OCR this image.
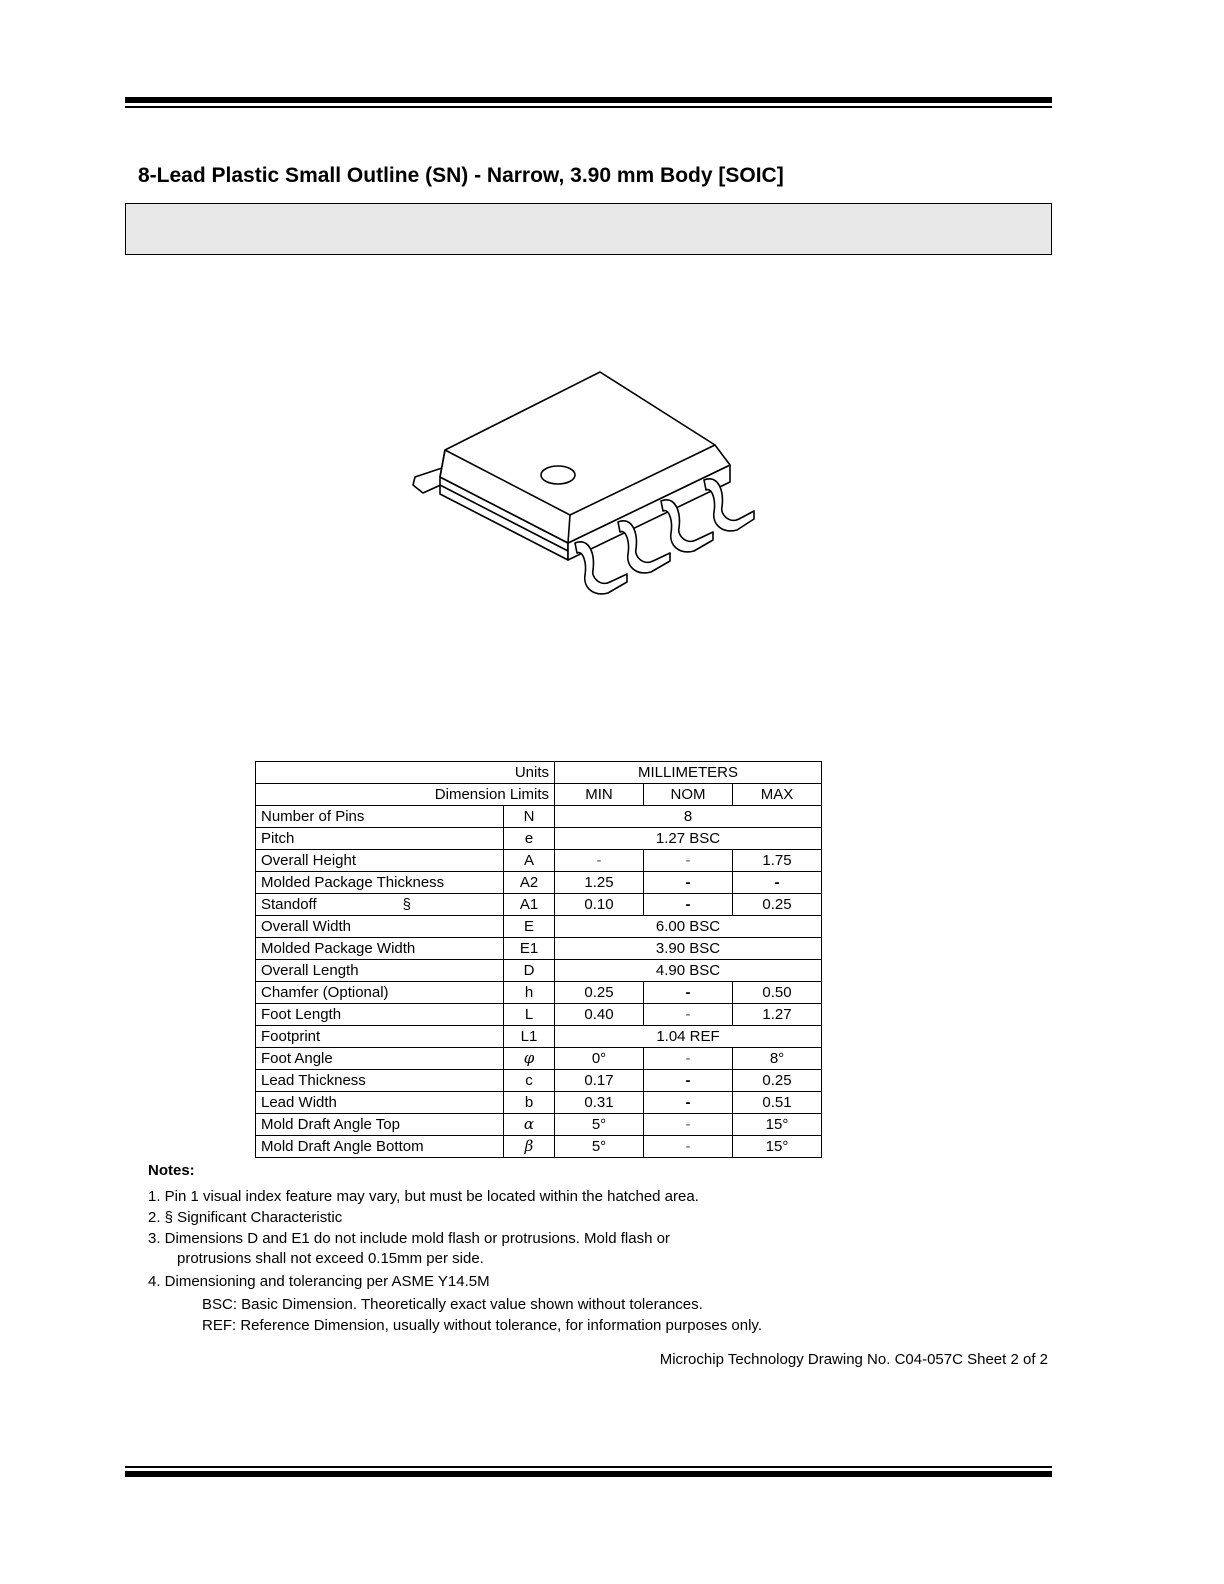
8-Lead Plastic Small Outline (SN) - Narrow, 3.90 mm Body [SOIC]
Units		MILLIMETERS		
Dimension Limits		MIN	NOM	MAX
Number of Pins	N	8		
Pitch	e	1.27 BSC		
Overall Height	A	-	-	1.75
Molded Package Thickness	A2	1.25	-	-
Standoff §	A1	0.10	-	0.25
Overall Width	E	6.00 BSC		
Molded Package Width	E1	3.90 BSC		
Overall Length	D	4.90 BSC		
Chamfer (Optional)	h	0.25	-	0.50
Foot Length	L	0.40	-	1.27
Footprint	L1	1.04 REF		
Foot Angle	φ	0°	-	8°
Lead Thickness	c	0.17	-	0.25
Lead Width	b	0.31	-	0.51
Mold Draft Angle Top	α	5°	-	15°
Mold Draft Angle Bottom	β	5°	-	15°
Notes:
1. Pin 1 visual index feature may vary, but must be located within the hatched area.
2. § Significant Characteristic
3. Dimensions D and E1 do not include mold flash or protrusions. Mold flash or
protrusions shall not exceed 0.15mm per side.
4. Dimensioning and tolerancing per ASME Y14.5M
BSC: Basic Dimension. Theoretically exact value shown without tolerances.
REF: Reference Dimension, usually without tolerance, for information purposes only.
Microchip Technology Drawing No. C04-057C Sheet 2 of 2
